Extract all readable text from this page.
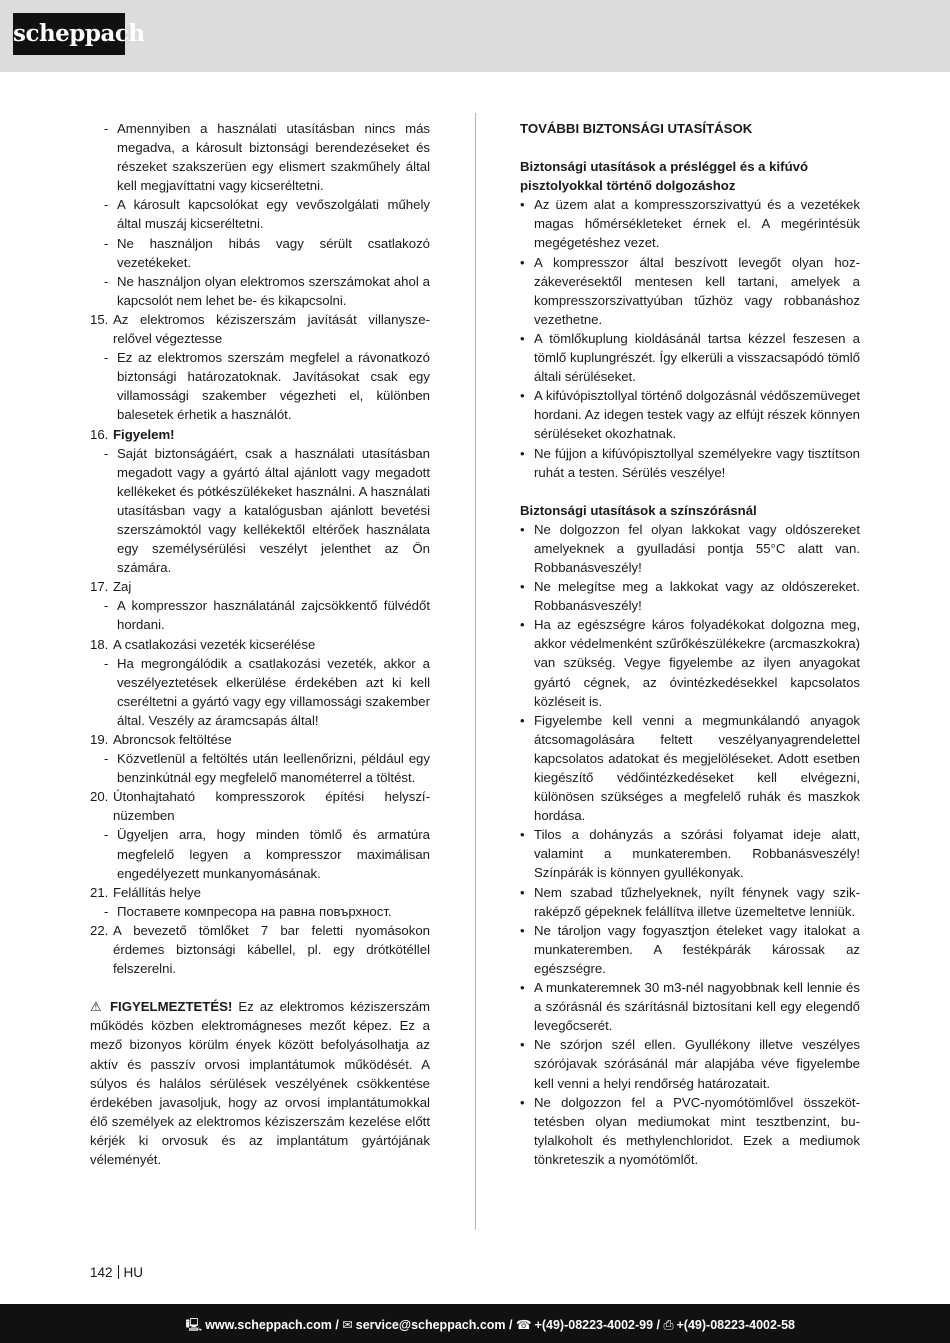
scheppach
- Amennyiben a használati utasításban nincs más megadva, a károsult biztonsági berendezéseket és részeket szakszerüen egy elismert szakműhely által kell megjavíttatni vagy kicseréltetni.
- A károsult kapcsolókat egy vevőszolgálati műhely által muszáj kicseréltetni.
- Ne használjon hibás vagy sérült csatlakozó vezetékeket.
- Ne használjon olyan elektromos szerszámokat ahol a kapcsolót nem lehet be- és kikapcsolni.
15. Az elektromos kéziszerszám javítását villanyszerelővel végeztesse
- Ez az elektromos szerszám megfelel a rávonatkozó biztonsági határozatoknak. Javításokat csak egy villamossági szakember végezheti el, különben balesetek érhetik a használót.
16. Figyelem!
- Saját biztonságáért, csak a használati utasításban megadott vagy a gyártó által ajánlott vagy megadott kellékeket és pótkészülékeket használni. A használati utasításban vagy a katalógusban ajánlott bevetési szerszámoktól vagy kellékektől eltérőek használata egy személysérülési veszélyt jelenthet az Ön számára.
17. Zaj
- A kompresszor használatánál zajcsökkentő fülvédőt hordani.
18. A csatlakozási vezeték kicserélése
- Ha megrongálódik a csatlakozási vezeték, akkor a veszélyeztetések elkerülése érdekében azt ki kell cseréltetni a gyártó vagy egy villamossági szakember által. Veszély az áramcsapás által!
19. Abroncsok feltöltése
- Közvetlenül a feltöltés után leellenőrizni, például egy benzinkútnál egy megfelelő manométerrel a töltést.
20. Útonhajtaható kompresszorok építési helyszínüzemben
- Ügyeljen arra, hogy minden tömlő és armatúra megfelelő legyen a kompresszor maximálisan engedélyezett munkanyomásának.
21. Felállítás helye
- Поставете компресора на равна повърхност.
22. A bevezető tömlőket 7 bar feletti nyomásokon érdemes biztonsági kábellel, pl. egy drótkötéllel felszerelni.
⚠ FIGYELMEZTETÉS! Ez az elektromos kéziszerszám működés közben elektromágneses mezőt képez. Ez a mező bizonyos körülm ények között befolyásolhatja az aktív és passzív orvosi implantátumok működését. A súlyos és halálos sérülések veszélyének csökkentése érdekében javasoljuk, hogy az orvosi implantátumokkal élő személyek az elektromos kéziszerszám kezelése előtt kérjék ki orvosuk és az implantátum gyártójának véleményét.
TOVÁBBI BIZTONSÁGI UTASÍTÁSOK
Biztonsági utasítások a présléggel és a kifúvó pisztolyokkal történő dolgozáshoz
• Az üzem alat a kompresszorszivattyú és a vezetékek magas hőmérsékleteket érnek el. A megérintésük megégetéshez vezet.
• A kompresszor által beszívott levegőt olyan hozzákeverésektől mentesen kell tartani, amelyek a kompresszorszivattyúban tűzhöz vagy robbanáshoz vezethetne.
• A tömlőkuplung kioldásánál tartsa kézzel feszesen a tömlő kuplungrészét. Így elkerüli a visszacsapódó tömlő általi sérüléseket.
• A kifúvópisztollyal történő dolgozásnál védőszemüveget hordani. Az idegen testek vagy az elfújt részek könnyen sérüléseket okozhatnak.
• Ne fújjon a kifúvópisztollyal személyekre vagy tisztítson ruhát a testen. Sérülés veszélye!
Biztonsági utasítások a színszórásnál
• Ne dolgozzon fel olyan lakkokat vagy oldószereket amelyeknek a gyulladási pontja 55°C alatt van. Robbanásveszély!
• Ne melegítse meg a lakkokat vagy az oldószereket. Robbanásveszély!
• Ha az egészségre káros folyadékokat dolgozna meg, akkor védelmenként szűrőkészülékekre (arcmaszkokra) van szükség. Vegye figyelembe az ilyen anyagokat gyártó cégnek, az óvintézkedésekkel kapcsolatos közléseit is.
• Figyelembe kell venni a megmunkálandó anyagok átcsomagolására feltett veszélyanyagrendelettel kapcsolatos adatokat és megjelöléseket. Adott esetben kiegészítő védőintézkedéseket kell elvégezni, különösen szükséges a megfelelő ruhák és maszkok hordása.
• Tilos a dohányzás a szórási folyamat ideje alatt, valamint a munkateremben. Robbanásveszély! Színpárák is könnyen gyullékonyak.
• Nem szabad tűzhelyeknek, nyílt fénynek vagy szikraképző gépeknek felállítva illetve üzemeltetve lenniük.
• Ne tároljon vagy fogyasztjon ételeket vagy italokat a munkateremben. A festékpárák károssak az egészségre.
• A munkateremnek 30 m3-nél nagyobbnak kell lennie és a szórásnál és szárításnál biztosítani kell egy elegendő levegőcserét.
• Ne szórjon szél ellen. Gyullékony illetve veszélyes szórójavak szórásánál már alapjába véve figyelembe kell venni a helyi rendőrség határozatait.
• Ne dolgozzon fel a PVC-nyomótömlővel összeköttetésben olyan mediumokat mint tesztbenzint, butylalkoholt és methylenchloridot. Ezek a mediumok tönkreteszik a nyomótömlőt.
142 HU
🖳 www.scheppach.com / ✉ service@scheppach.com / ☎ +(49)-08223-4002-99 / ⎙ +(49)-08223-4002-58
